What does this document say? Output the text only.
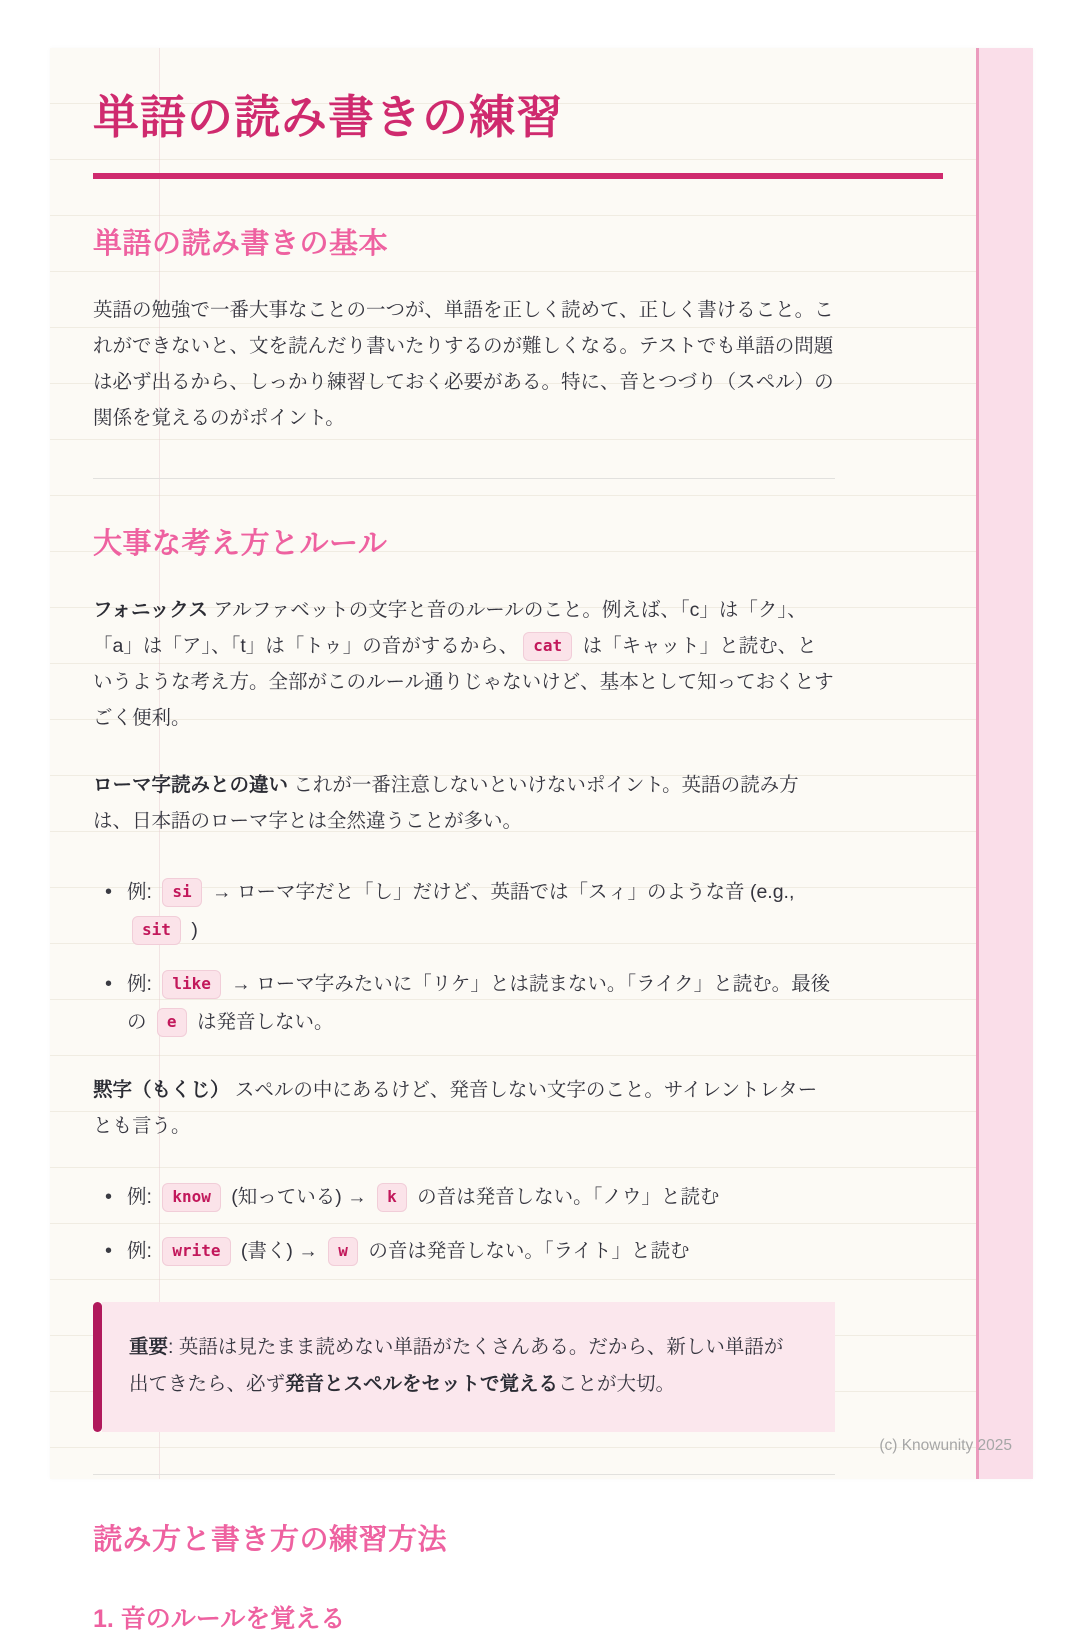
単語の読み書きの練習
単語の読み書きの基本

英語の勉強で一番大事なことの一つが、単語を正しく読めて、正しく書けること。これができないと、文を読んだり書いたりするのが難しくなる。テストでも単語の問題は必ず出るから、しっかり練習しておく必要がある。特に、音とつづり（スペル）の関係を覚えるのがポイント。

大事な考え方とルール

フォニックス アルファベットの文字と音のルールのこと。例えば、「c」は「ク」、「a」は「ア」、「t」は「トゥ」の音がするから、 cat は「キャット」と読む、というような考え方。全部がこのルール通りじゃないけど、基本として知っておくとすごく便利。

ローマ字読みとの違い これが一番注意しないといけないポイント。英語の読み方は、日本語のローマ字とは全然違うことが多い。

• 例: si → ローマ字だと「し」だけど、英語では「スィ」のような音 (e.g., sit )
• 例: like → ローマ字みたいに「リケ」とは読まない。「ライク」と読む。最後の e は発音しない。

黙字（もくじ） スペルの中にあるけど、発音しない文字のこと。サイレントレターとも言う。

• 例: know (知っている) → k の音は発音しない。「ノウ」と読む
• 例: write (書く) → w の音は発音しない。「ライト」と読む
重要: 英語は見たまま読めない単語がたくさんある。だから、新しい単語が出てきたら、必ず発音とスペルをセットで覚えることが大切。
読み方と書き方の練習方法
1. 音のルールを覚える
(c) Knowunity 2025
